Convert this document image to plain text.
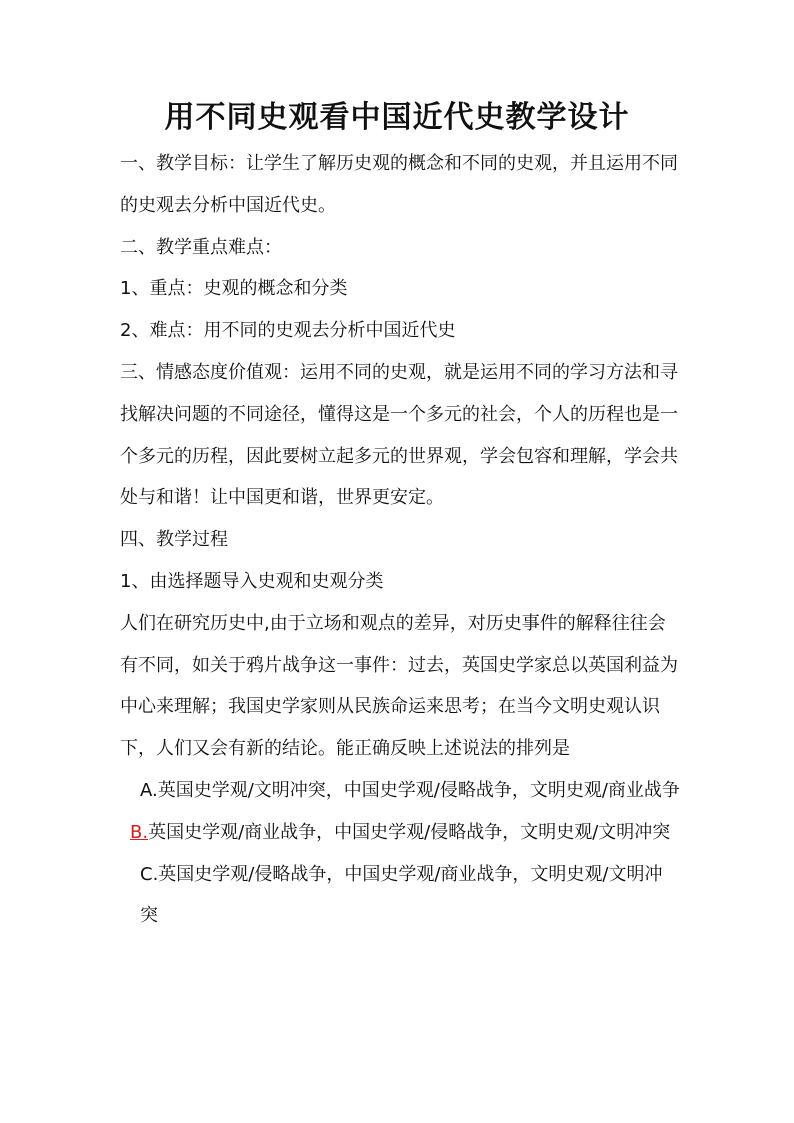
用不同史观看中国近代史教学设计

一、教学目标：让学生了解历史观的概念和不同的史观，并且运用不同的史观去分析中国近代史。

二、教学重点难点：

1、重点：史观的概念和分类

2、难点：用不同的史观去分析中国近代史

三、情感态度价值观：运用不同的史观，就是运用不同的学习方法和寻找解决问题的不同途径，懂得这是一个多元的社会，个人的历程也是一个多元的历程，因此要树立起多元的世界观，学会包容和理解，学会共处与和谐！让中国更和谐，世界更安定。

四、教学过程

1、由选择题导入史观和史观分类

人们在研究历史中,由于立场和观点的差异，对历史事件的解释往往会有不同，如关于鸦片战争这一事件：过去，英国史学家总以英国利益为中心来理解；我国史学家则从民族命运来思考；在当今文明史观认识下，人们又会有新的结论。能正确反映上述说法的排列是

A.英国史学观/文明冲突，中国史学观/侵略战争，文明史观/商业战争

B.英国史学观/商业战争，中国史学观/侵略战争，文明史观/文明冲突

C.英国史学观/侵略战争，中国史学观/商业战争，文明史观/文明冲突
